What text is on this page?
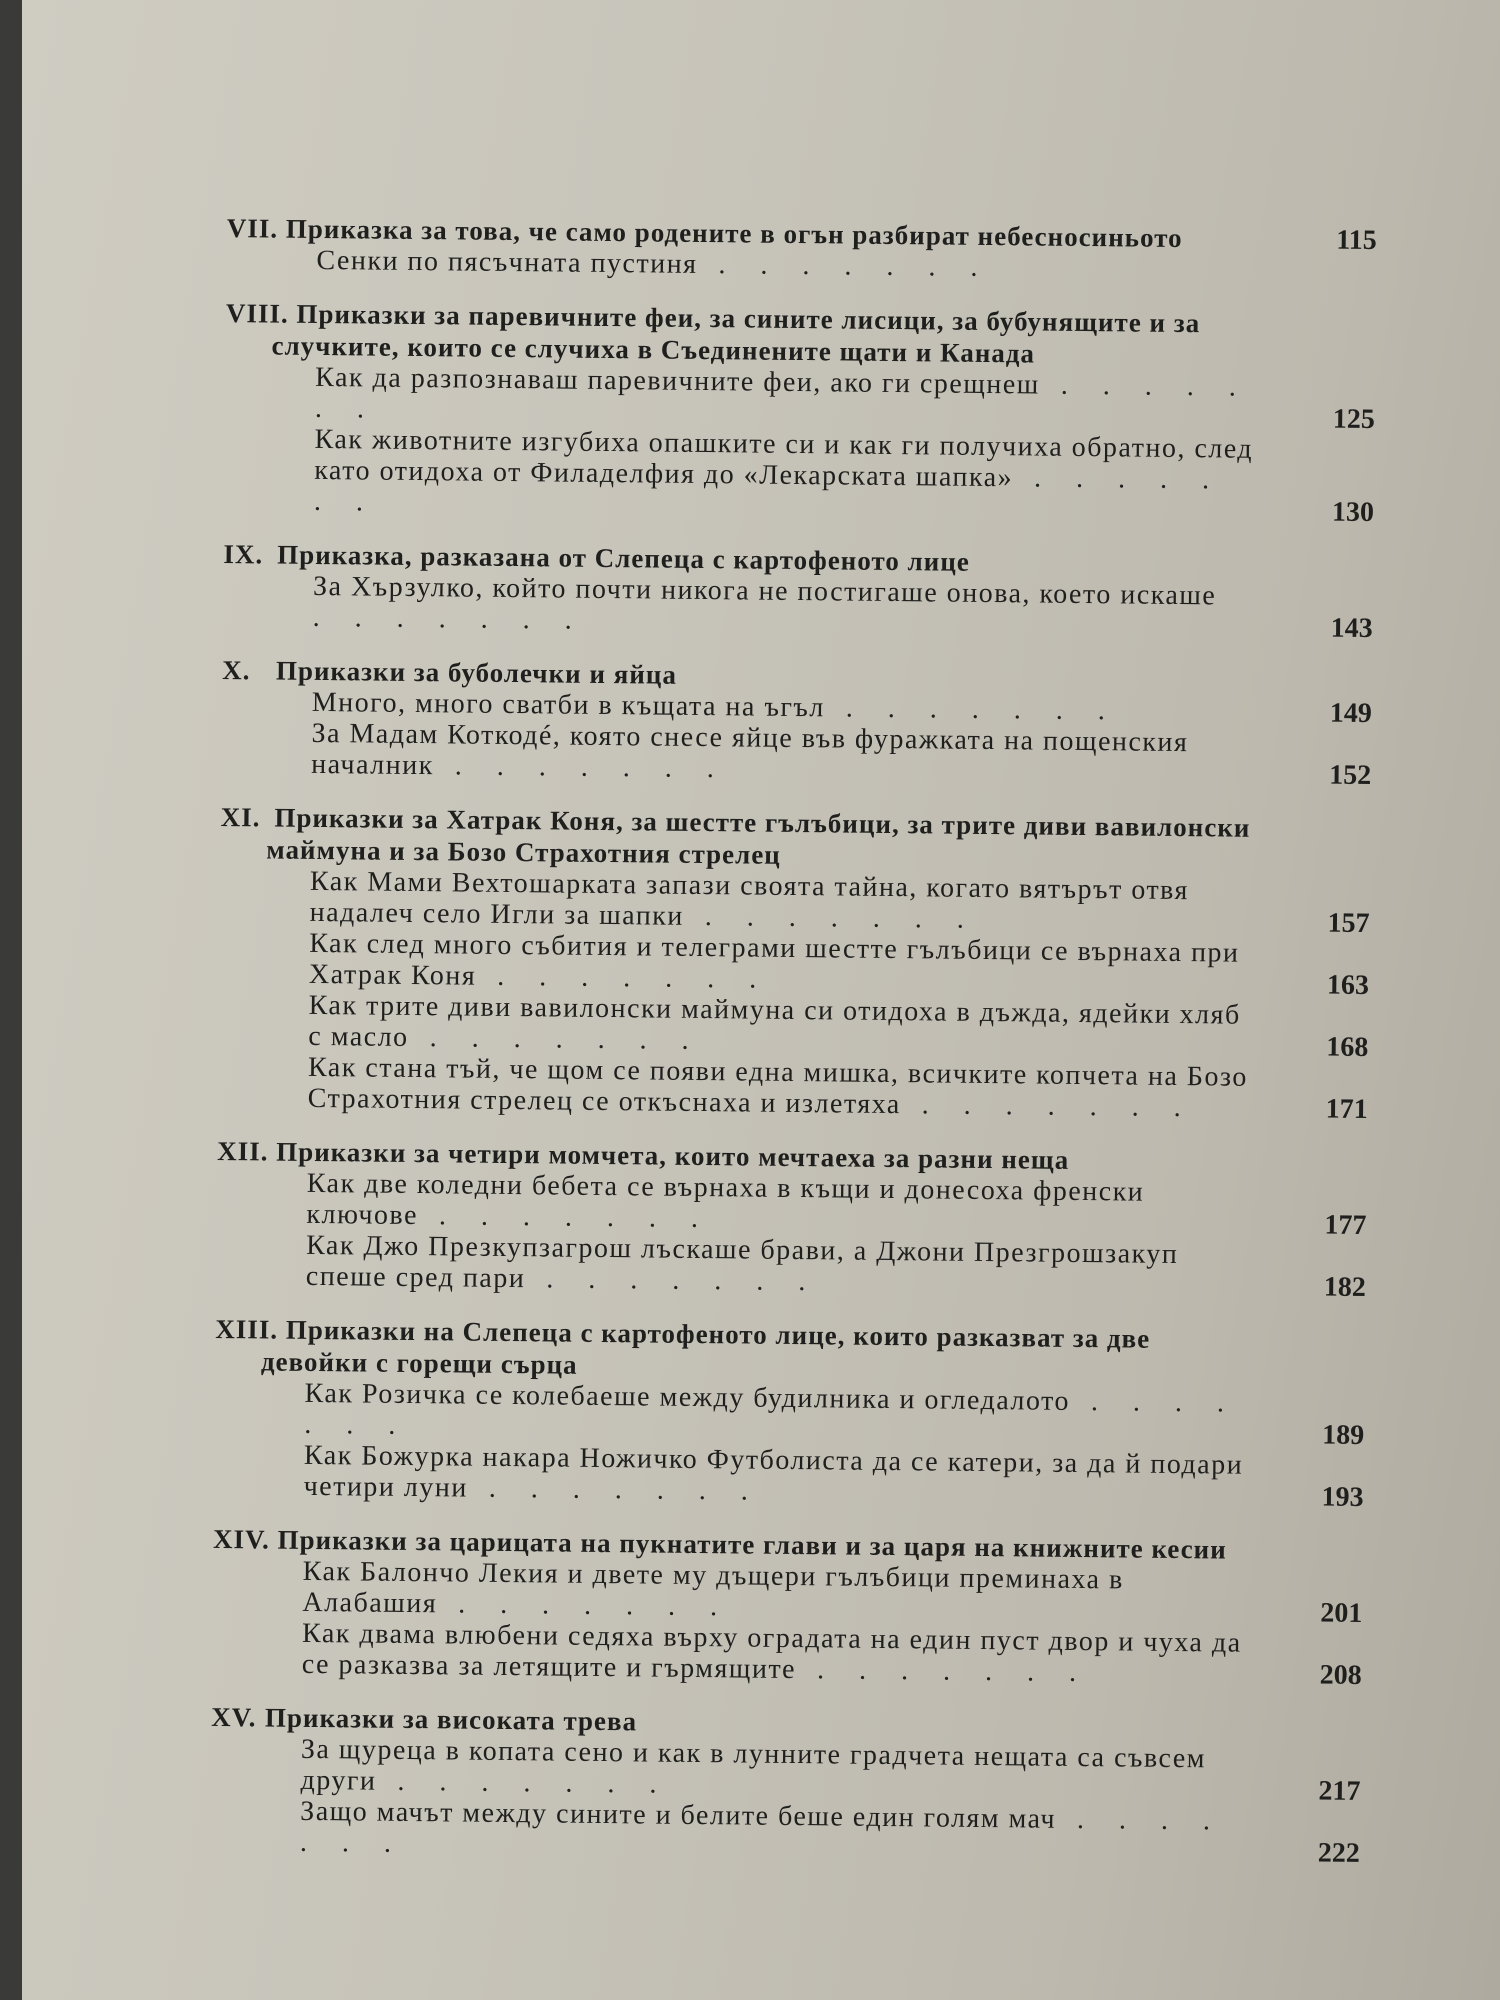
VII. Приказка за това, че само родените в огън разбират небесносиньото	115
Сенки по пясъчната пустиня . . . . . . .
VIII. Приказки за паревичните феи, за сините лисици, за бубунящите и за случките, които се случиха в Съединените щати и Канада
Как да разпознаваш паревичните феи, ако ги срещнеш . . . . . . .	125
Как животните изгубиха опашките си и как ги получиха обратно, след като отидоха от Филаделфия до «Лекарската шапка» . . . . . . .	130
IX. Приказка, разказана от Слепеца с картофеното лице
За Хързулко, който почти никога не постигаше онова, което искаше . . . . . . .	143
X. Приказки за буболечки и яйца
Много, много сватби в къщата на ъгъл . . . . . . .	149
За Мадам Коткодé, която снесе яйце във фуражката на пощенския началник . . . . . . .	152
XI. Приказки за Хатрак Коня, за шестте гълъбици, за трите диви вавилонски маймуна и за Бозо Страхотния стрелец
Как Мами Вехтошарката запази своята тайна, когато вятърът отвя надалеч село Игли за шапки . . . . . . .	157
Как след много събития и телеграми шестте гълъбици се върнаха при Хатрак Коня . . . . . . .	163
Как трите диви вавилонски маймуна си отидоха в дъжда, ядейки хляб с масло . . . . . . .	168
Как стана тъй, че щом се появи една мишка, всичките копчета на Бозо Страхотния стрелец се откъснаха и излетяха . . . . . . .	171
XII. Приказки за четири момчета, които мечтаеха за разни неща
Как две коледни бебета се върнаха в къщи и донесоха френски ключове . . . . . . .	177
Как Джо Презкупзагрош лъскаше брави, а Джони Презгрошзакуп спеше сред пари . . . . . . .	182
XIII. Приказки на Слепеца с картофеното лице, които разказват за две девойки с горещи сърца
Как Розичка се колебаеше между будилника и огледалото . . . . . . .	189
Как Божурка накара Ножичко Футболиста да се катери, за да й подари четири луни . . . . . . .	193
XIV. Приказки за царицата на пукнатите глави и за царя на книжните кесии
Как Балончо Лекия и двете му дъщери гълъбици преминаха в Алабашия . . . . . . .	201
Как двама влюбени седяха върху оградата на един пуст двор и чуха да се разказва за летящите и гърмящите . . . . . . .	208
XV. Приказки за високата трева
За щуреца в копата сено и как в лунните градчета нещата са съвсем други . . . . . . .	217
Защо мачът между сините и белите беше един голям мач . . . . . . .	222
